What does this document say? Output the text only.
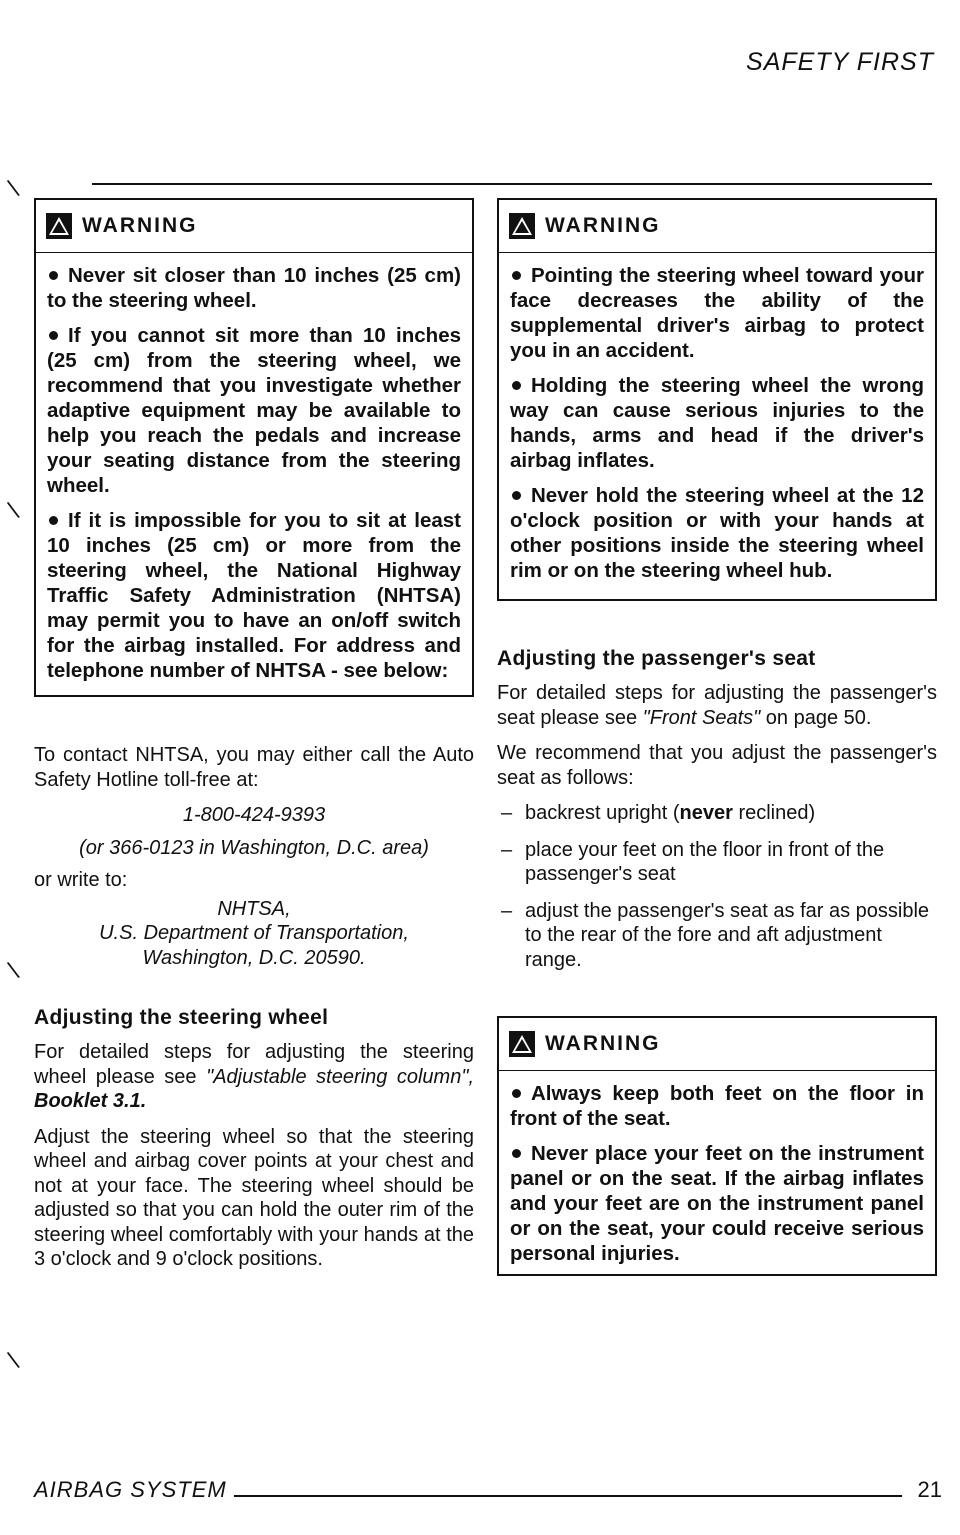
SAFETY FIRST
\
\
\
\
WARNING

Never sit closer than 10 inches (25 cm) to the steering wheel.

If you cannot sit more than 10 inches (25 cm) from the steering wheel, we recommend that you investigate whether adaptive equipment may be available to help you reach the pedals and increase your seating distance from the steering wheel.

If it is impossible for you to sit at least 10 inches (25 cm) or more from the steering wheel, the National Highway Traffic Safety Administration (NHTSA) may permit you to have an on/off switch for the airbag installed. For address and telephone number of NHTSA - see below:

To contact NHTSA, you may either call the Auto Safety Hotline toll-free at:

1-800-424-9393

(or 366-0123 in Washington, D.C. area)

or write to:

NHTSA,

U.S. Department of Transportation,

Washington, D.C. 20590.

Adjusting the steering wheel

For detailed steps for adjusting the steering wheel please see "Adjustable steering column", Booklet 3.1.

Adjust the steering wheel so that the steering wheel and airbag cover points at your chest and not at your face. The steering wheel should be adjusted so that you can hold the outer rim of the steering wheel comfortably with your hands at the 3 o'clock and 9 o'clock positions.

WARNING

Pointing the steering wheel toward your face decreases the ability of the supplemental driver's airbag to protect you in an accident.

Holding the steering wheel the wrong way can cause serious injuries to the hands, arms and head if the driver's airbag inflates.

Never hold the steering wheel at the 12 o'clock position or with your hands at other positions inside the steering wheel rim or on the steering wheel hub.

Adjusting the passenger's seat

For detailed steps for adjusting the passenger's seat please see "Front Seats" on page 50.

We recommend that you adjust the passenger's seat as follows:

– backrest upright (never reclined)
– place your feet on the floor in front of the passenger's seat
– adjust the passenger's seat as far as possible to the rear of the fore and aft adjustment range.
WARNING

Always keep both feet on the floor in front of the seat.

Never place your feet on the instrument panel or on the seat. If the airbag inflates and your feet are on the instrument panel or on the seat, your could receive serious personal injuries.

AIRBAG SYSTEM	21
